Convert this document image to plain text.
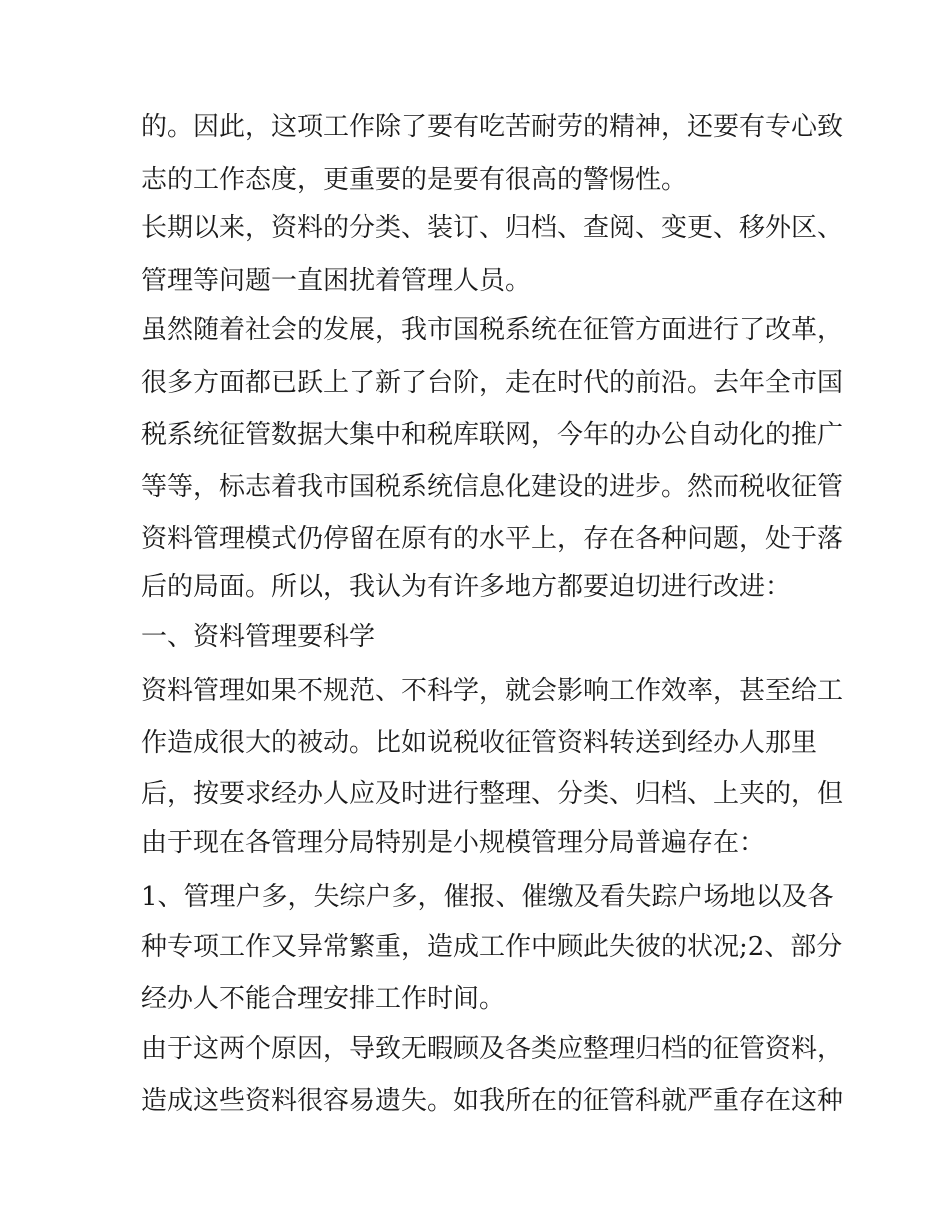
的。因此，这项工作除了要有吃苦耐劳的精神，还要有专心致
志的工作态度，更重要的是要有很高的警惕性。
长期以来，资料的分类、装订、归档、查阅、变更、移外区、
管理等问题一直困扰着管理人员。
虽然随着社会的发展，我市国税系统在征管方面进行了改革，
很多方面都已跃上了新了台阶，走在时代的前沿。去年全市国
税系统征管数据大集中和税库联网，今年的办公自动化的推广
等等，标志着我市国税系统信息化建设的进步。然而税收征管
资料管理模式仍停留在原有的水平上，存在各种问题，处于落
后的局面。所以，我认为有许多地方都要迫切进行改进：
一、资料管理要科学
资料管理如果不规范、不科学，就会影响工作效率，甚至给工
作造成很大的被动。比如说税收征管资料转送到经办人那里
后，按要求经办人应及时进行整理、分类、归档、上夹的，但
由于现在各管理分局特别是小规模管理分局普遍存在：
1、管理户多，失综户多，催报、催缴及看失踪户场地以及各
种专项工作又异常繁重，造成工作中顾此失彼的状况;2、部分
经办人不能合理安排工作时间。
由于这两个原因，导致无暇顾及各类应整理归档的征管资料，
造成这些资料很容易遗失。如我所在的征管科就严重存在这种
